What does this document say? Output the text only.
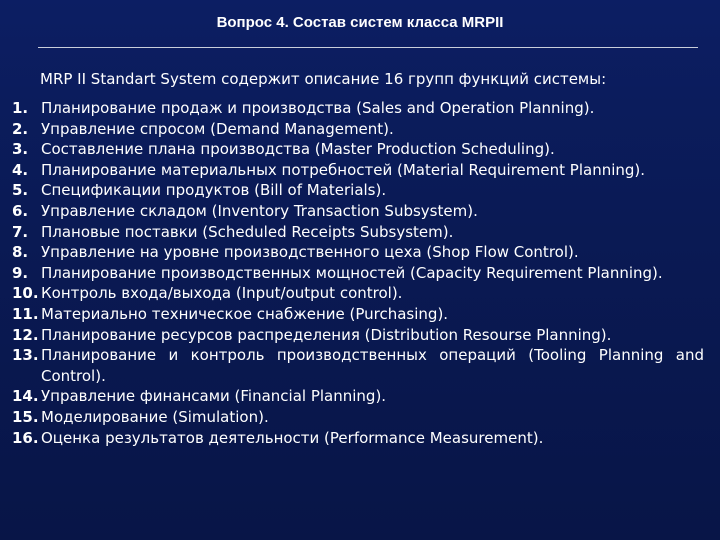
Вопрос 4. Состав систем класса MRPII
MRP II Standart System содержит описание 16 групп функций системы:
1. Планирование продаж и производства (Sales and Operation Planning).
2. Управление спросом (Demand Management).
3. Составление плана производства (Master Production Scheduling).
4. Планирование материальных потребностей (Material Requirement Planning).
5. Спецификации продуктов (Bill of Materials).
6. Управление складом (Inventory Transaction Subsystem).
7. Плановые поставки (Scheduled Receipts Subsystem).
8. Управление на уровне производственного цеха (Shop Flow Control).
9. Планирование производственных мощностей (Capacity Requirement Planning).
10. Контроль входа/выхода (Input/output control).
11. Материально техническое снабжение (Purchasing).
12. Планирование ресурсов распределения (Distribution Resourse Planning).
13. Планирование и контроль производственных операций (Tooling Planning and Control).
14. Управление финансами (Financial Planning).
15. Моделирование (Simulation).
16. Оценка результатов деятельности (Performance Measurement).
